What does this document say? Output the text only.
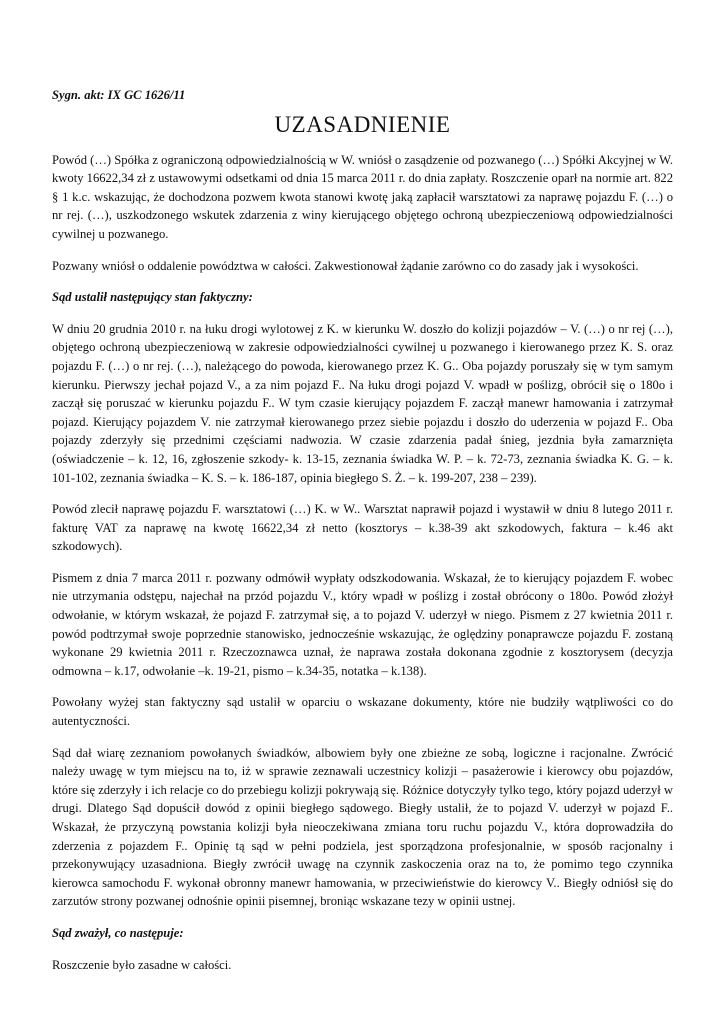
Sygn. akt: IX GC 1626/11
UZASADNIENIE

Powód (…) Spółka z ograniczoną odpowiedzialnością w W. wniósł o zasądzenie od pozwanego (…) Spółki Akcyjnej w W. kwoty 16622,34 zł z ustawowymi odsetkami od dnia 15 marca 2011 r. do dnia zapłaty. Roszczenie oparł na normie art. 822 § 1 k.c. wskazując, że dochodzona pozwem kwota stanowi kwotę jaką zapłacił warsztatowi za naprawę pojazdu F. (…) o nr rej. (…), uszkodzonego wskutek zdarzenia z winy kierującego objętego ochroną ubezpieczeniową odpowiedzialności cywilnej u pozwanego.

Pozwany wniósł o oddalenie powództwa w całości. Zakwestionował żądanie zarówno co do zasady jak i wysokości.

Sąd ustalił następujący stan faktyczny:

W dniu 20 grudnia 2010 r. na łuku drogi wylotowej z K. w kierunku W. doszło do kolizji pojazdów – V. (…) o nr rej (…), objętego ochroną ubezpieczeniową w zakresie odpowiedzialności cywilnej u pozwanego i kierowanego przez K. S. oraz pojazdu F. (…) o nr rej. (…), należącego do powoda, kierowanego przez K. G.. Oba pojazdy poruszały się w tym samym kierunku. Pierwszy jechał pojazd V., a za nim pojazd F.. Na łuku drogi pojazd V. wpadł w poślizg, obrócił się o 180o i zaczął się poruszać w kierunku pojazdu F.. W tym czasie kierujący pojazdem F. zaczął manewr hamowania i zatrzymał pojazd. Kierujący pojazdem V. nie zatrzymał kierowanego przez siebie pojazdu i doszło do uderzenia w pojazd F.. Oba pojazdy zderzyły się przednimi częściami nadwozia. W czasie zdarzenia padał śnieg, jezdnia była zamarznięta (oświadczenie – k. 12, 16, zgłoszenie szkody- k. 13-15, zeznania świadka W. P. – k. 72-73, zeznania świadka K. G. – k. 101-102, zeznania świadka – K. S. – k. 186-187, opinia biegłego S. Ż. – k. 199-207, 238 – 239).

Powód zlecił naprawę pojazdu F. warsztatowi (…) K. w W.. Warsztat naprawił pojazd i wystawił w dniu 8 lutego 2011 r. fakturę VAT za naprawę na kwotę 16622,34 zł netto (kosztorys – k.38-39 akt szkodowych, faktura – k.46 akt szkodowych).

Pismem z dnia 7 marca 2011 r. pozwany odmówił wypłaty odszkodowania. Wskazał, że to kierujący pojazdem F. wobec nie utrzymania odstępu, najechał na przód pojazdu V., który wpadł w poślizg i został obrócony o 180o. Powód złożył odwołanie, w którym wskazał, że pojazd F. zatrzymał się, a to pojazd V. uderzył w niego. Pismem z 27 kwietnia 2011 r. powód podtrzymał swoje poprzednie stanowisko, jednocześnie wskazując, że oględziny ponaprawcze pojazdu F. zostaną wykonane 29 kwietnia 2011 r. Rzeczoznawca uznał, że naprawa została dokonana zgodnie z kosztorysem (decyzja odmowna – k.17, odwołanie –k. 19-21, pismo – k.34-35, notatka – k.138).

Powołany wyżej stan faktyczny sąd ustalił w oparciu o wskazane dokumenty, które nie budziły wątpliwości co do autentyczności.

Sąd dał wiarę zeznaniom powołanych świadków, albowiem były one zbieżne ze sobą, logiczne i racjonalne. Zwrócić należy uwagę w tym miejscu na to, iż w sprawie zeznawali uczestnicy kolizji – pasażerowie i kierowcy obu pojazdów, które się zderzyły i ich relacje co do przebiegu kolizji pokrywają się. Różnice dotyczyły tylko tego, który pojazd uderzył w drugi. Dlatego Sąd dopuścił dowód z opinii biegłego sądowego. Biegły ustalił, że to pojazd V. uderzył w pojazd F.. Wskazał, że przyczyną powstania kolizji była nieoczekiwana zmiana toru ruchu pojazdu V., która doprowadziła do zderzenia z pojazdem F.. Opinię tą sąd w pełni podziela, jest sporządzona profesjonalnie, w sposób racjonalny i przekonywujący uzasadniona. Biegły zwrócił uwagę na czynnik zaskoczenia oraz na to, że pomimo tego czynnika kierowca samochodu F. wykonał obronny manewr hamowania, w przeciwieństwie do kierowcy V.. Biegły odniósł się do zarzutów strony pozwanej odnośnie opinii pisemnej, broniąc wskazane tezy w opinii ustnej.

Sąd zważył, co następuje:

Roszczenie było zasadne w całości.
